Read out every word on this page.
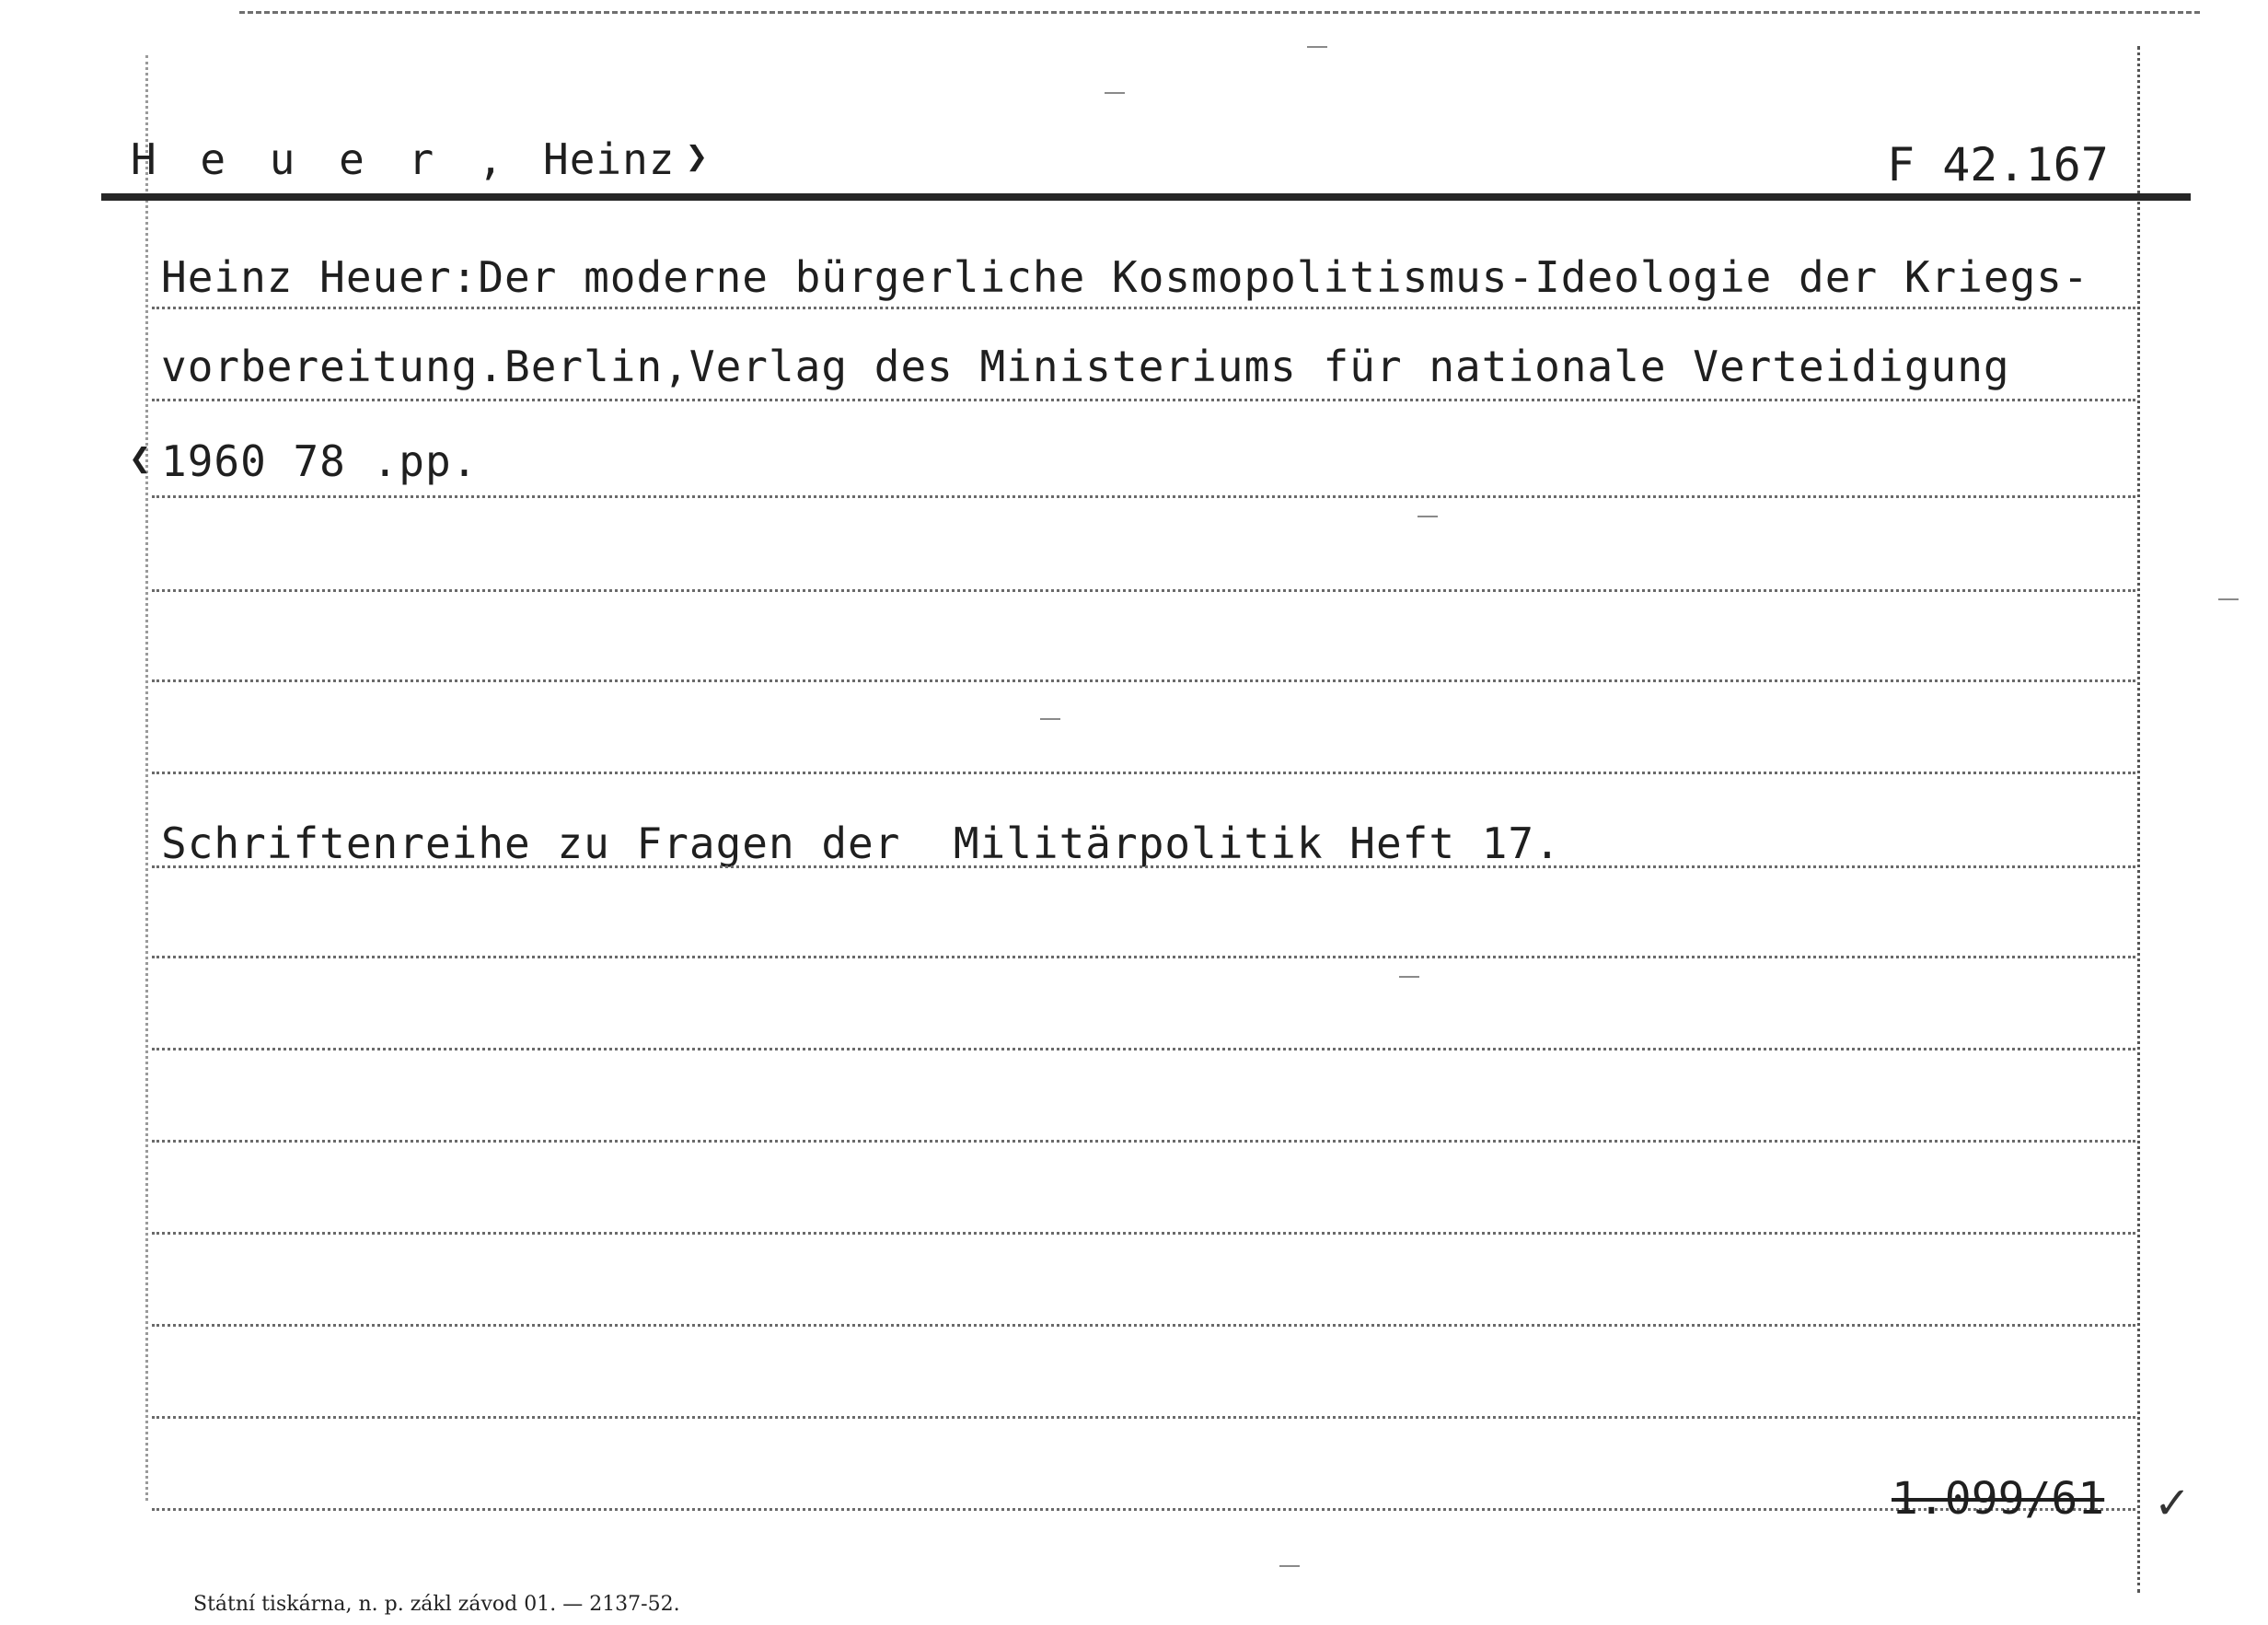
H e u e r , Heinz ❯	F 42.167
Heinz Heuer:Der moderne bürgerliche Kosmopolitismus-Ideologie der Kriegs-
vorbereitung.Berlin,Verlag des Ministeriums für nationale Verteidigung
❮ 1960 78 .pp.
Schriftenreihe zu Fragen der  Militärpolitik Heft 17.
1.099/61 ✓
Státní tiskárna, n. p. zákl závod 01. — 2137-52.
